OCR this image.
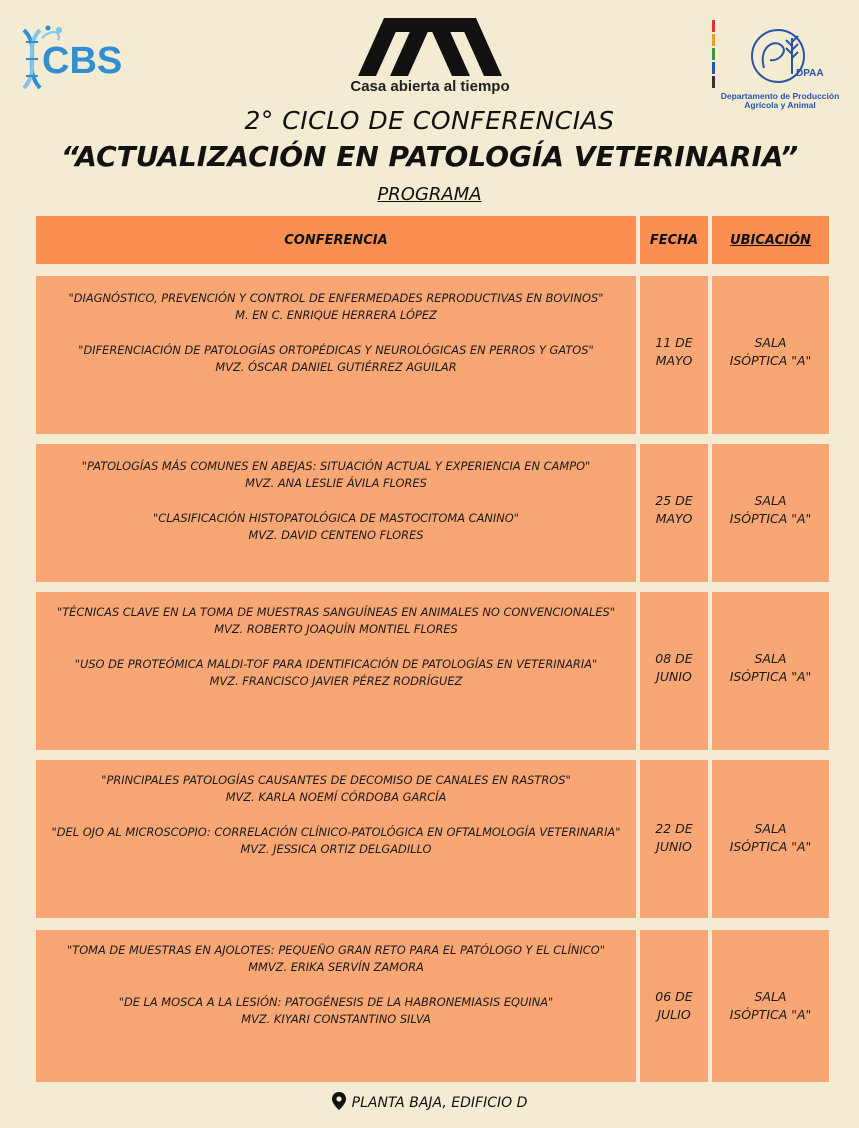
CBS
Casa abierta al tiempo
DPAA
Departamento de Producción
Agrícola y Animal
2° CICLO DE CONFERENCIAS
“ACTUALIZACIÓN EN PATOLOGÍA VETERINARIA”
PROGRAMA
CONFERENCIA	FECHA UBICACIÓN

"DIAGNÓSTICO, PREVENCIÓN Y CONTROL DE ENFERMEDADES REPRODUCTIVAS EN BOVINOS"

M. EN C. ENRIQUE HERRERA LÓPEZ

"DIFERENCIACIÓN DE PATOLOGÍAS ORTOPÉDICAS Y NEUROLÓGICAS EN PERROS Y GATOS"

MVZ. ÓSCAR DANIEL GUTIÉRREZ AGUILAR

11 DE
MAYO
SALA
ISÓPTICA "A"

"PATOLOGÍAS MÁS COMUNES EN ABEJAS: SITUACIÓN ACTUAL Y EXPERIENCIA EN CAMPO"

MVZ. ANA LESLIE ÁVILA FLORES

"CLASIFICACIÓN HISTOPATOLÓGICA DE MASTOCITOMA CANINO"

MVZ. DAVID CENTENO FLORES

25 DE
MAYO
SALA
ISÓPTICA "A"

"TÉCNICAS CLAVE EN LA TOMA DE MUESTRAS SANGUÍNEAS EN ANIMALES NO CONVENCIONALES"

MVZ. ROBERTO JOAQUÍN MONTIEL FLORES

"USO DE PROTEÓMICA MALDI-TOF PARA IDENTIFICACIÓN DE PATOLOGÍAS EN VETERINARIA"

MVZ. FRANCISCO JAVIER PÉREZ RODRÍGUEZ

08 DE
JUNIO
SALA
ISÓPTICA "A"

"PRINCIPALES PATOLOGÍAS CAUSANTES DE DECOMISO DE CANALES EN RASTROS"

MVZ. KARLA NOEMÍ CÓRDOBA GARCÍA

"DEL OJO AL MICROSCOPIO: CORRELACIÓN CLÍNICO-PATOLÓGICA EN OFTALMOLOGÍA VETERINARIA"

MVZ. JESSICA ORTIZ DELGADILLO

22 DE
JUNIO
SALA
ISÓPTICA "A"

"TOMA DE MUESTRAS EN AJOLOTES: PEQUEÑO GRAN RETO PARA EL PATÓLOGO Y EL CLÍNICO"

MMVZ. ERIKA SERVÍN ZAMORA

"DE LA MOSCA A LA LESIÓN: PATOGÉNESIS DE LA HABRONEMIASIS EQUINA"

MVZ. KIYARI CONSTANTINO SILVA

06 DE
JULIO
SALA
ISÓPTICA "A"
PLANTA BAJA, EDIFICIO D
